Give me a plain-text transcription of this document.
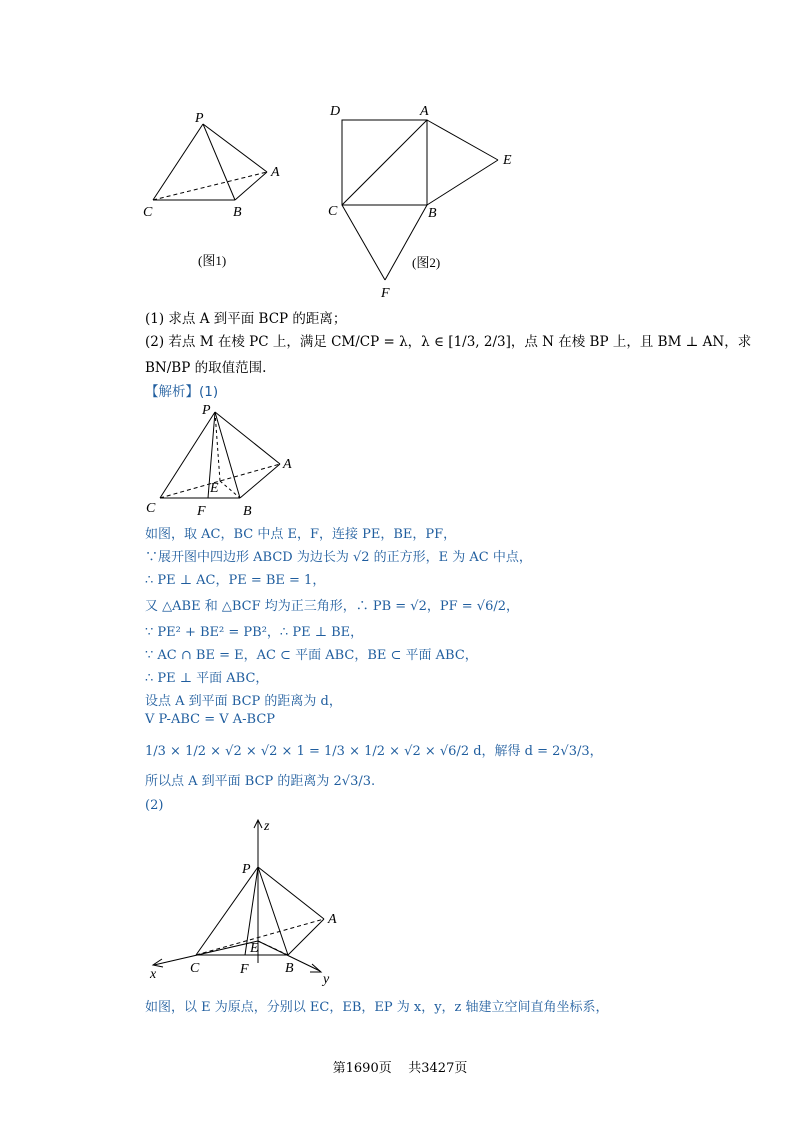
P
A
B
C
(图1)
D	A
E
C	B
F
(图2)
(1) 求点 A 到平面 BCP 的距离；
(2) 若点 M 在棱 PC 上，满足 CM/CP = λ，λ ∈ [1/3, 2/3]，点 N 在棱 BP 上，且 BM ⊥ AN，求
BN/BP 的取值范围.
【解析】(1)
P
A
E
C	F	B
如图，取 AC，BC 中点 E，F，连接 PE，BE，PF，
∵展开图中四边形 ABCD 为边长为 √2 的正方形，E 为 AC 中点，
∴ PE ⊥ AC，PE = BE = 1，
又 △ABE 和 △BCF 均为正三角形，∴ PB = √2，PF = √6/2，
∵ PE² + BE² = PB²，∴ PE ⊥ BE，
∵ AC ∩ BE = E，AC ⊂ 平面 ABC，BE ⊂ 平面 ABC，
∴ PE ⊥ 平面 ABC，
设点 A 到平面 BCP 的距离为 d，
V P-ABC = V A-BCP
1/3 × 1/2 × √2 × √2 × 1 = 1/3 × 1/2 × √2 × √6/2 d，解得 d = 2√3/3，
所以点 A 到平面 BCP 的距离为 2√3/3.
(2)
z
P
A
E
C	F	B
x	y
如图，以 E 为原点，分别以 EC，EB，EP 为 x，y，z 轴建立空间直角坐标系，
第1690页 共3427页
